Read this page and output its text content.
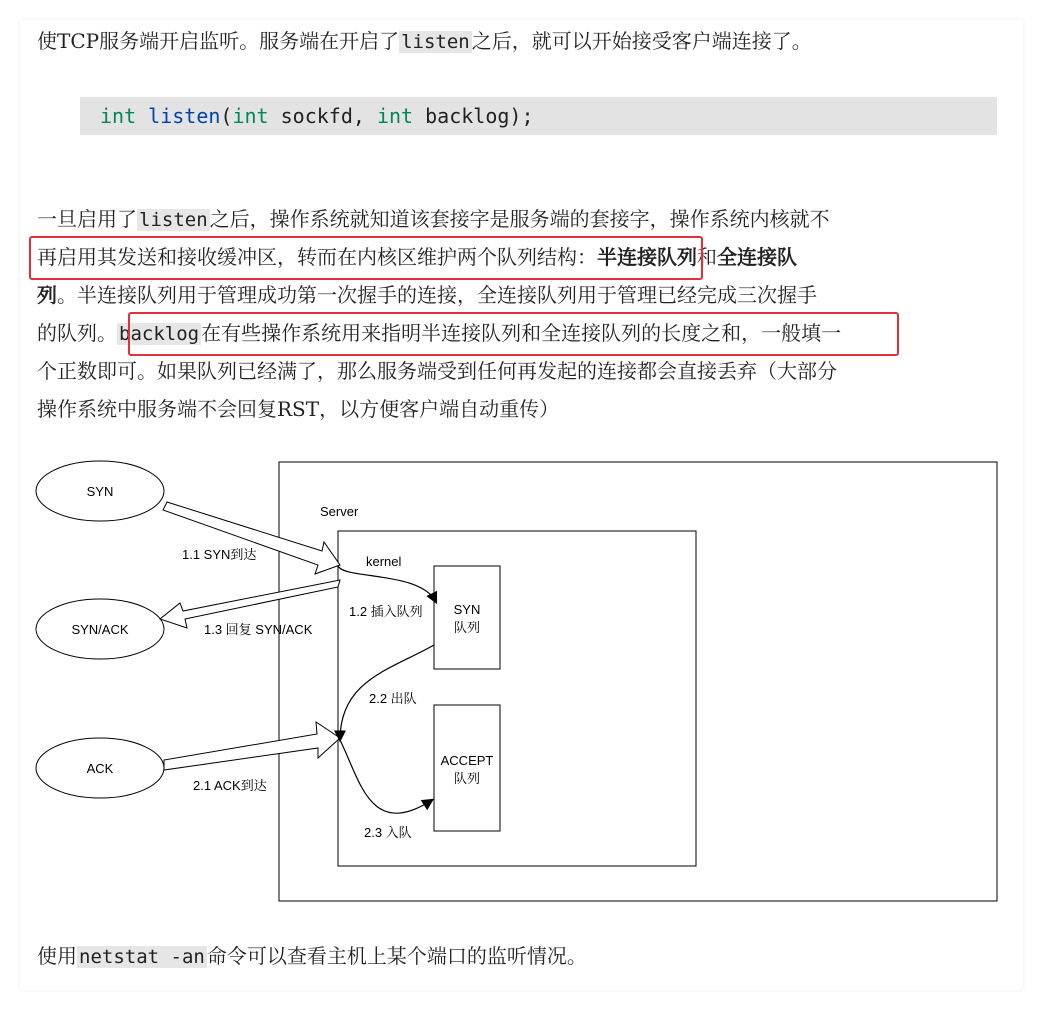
使TCP服务端开启监听。服务端在开启了 listen 之后，就可以开始接受客户端连接了。
int listen(int sockfd, int backlog);
一旦启用了 listen 之后，操作系统就知道该套接字是服务端的套接字，操作系统内核就不
再启用其发送和接收缓冲区，转而在内核区维护两个队列结构：半连接队列和全连接队
列。半连接队列用于管理成功第一次握手的连接，全连接队列用于管理已经完成三次握手
的队列。 backlog 在有些操作系统用来指明半连接队列和全连接队列的长度之和，一般填一
个正数即可。如果队列已经满了，那么服务端受到任何再发起的连接都会直接丢弃（大部分
操作系统中服务端不会回复RST，以方便客户端自动重传）
Server
kernel
SYN
队列
ACCEPT
队列
SYN
SYN/ACK
ACK
1.1 SYN到达
1.2 插入队列
1.3 回复 SYN/ACK
2.1 ACK到达
2.2 出队
2.3 入队
使用 netstat -an 命令可以查看主机上某个端口的监听情况。
